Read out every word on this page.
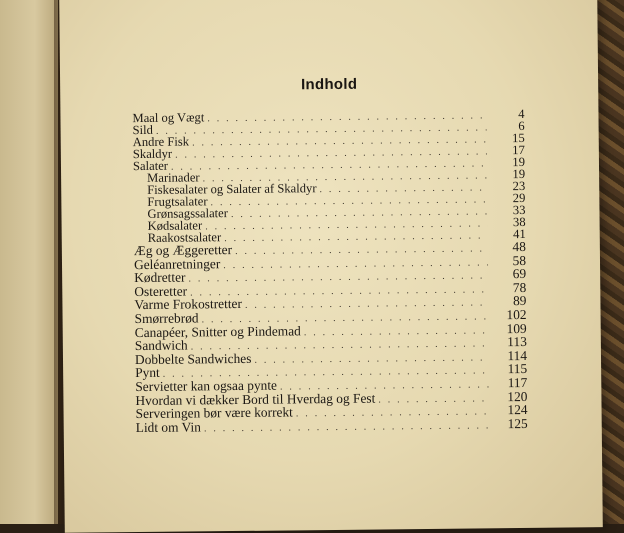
Indhold
Maal og Vægt . . .	4
Sild . . .	6
Andre Fisk . . .	15
Skaldyr . . .	17
Salater . . .	19
Marinader . . .	19
Fiskesalater og Salater af Skaldyr . . .	23
Frugtsalater . . .	29
Grønsagssalater . . .	33
Kødsalater . . .	38
Raakostsalater . . .	41
Æg og Æggeretter . . .	48
Geléanretninger . . .	58
Kødretter . . .	69
Osteretter . . .	78
Varme Frokostretter . . .	89
Smørrebrød . . .	102
Canapéer, Snitter og Pindemad . . .	109
Sandwich . . .	113
Dobbelte Sandwiches . . .	114
Pynt . . .	115
Servietter kan ogsaa pynte . . .	117
Hvordan vi dækker Bord til Hverdag og Fest . . .	120
Serveringen bør være korrekt . . .	124
Lidt om Vin . . .	125
